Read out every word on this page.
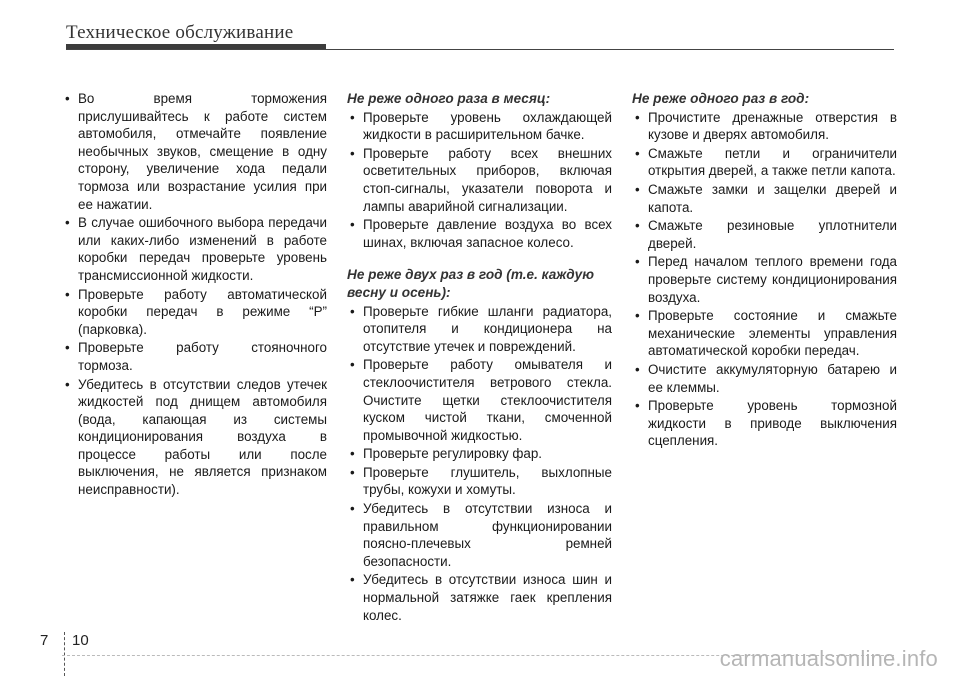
Техническое обслуживание
• Во время торможения прислушивайтесь к работе систем автомобиля, отмечайте появление необычных звуков, смещение в одну сторону, увеличение хода педали тормоза или возрастание усилия при ее нажатии.
• В случае ошибочного выбора передачи или каких-либо изменений в работе коробки передач проверьте уровень трансмиссионной жидкости.
• Проверьте работу автоматической коробки передач в режиме “P” (парковка).
• Проверьте работу стояночного тормоза.
• Убедитесь в отсутствии следов утечек жидкостей под днищем автомобиля (вода, капающая из системы кондиционирования воздуха в процессе работы или после выключения, не является признаком неисправности).
Не реже одного раза в месяц:
• Проверьте уровень охлаждающей жидкости в расширительном бачке.
• Проверьте работу всех внешних осветительных приборов, включая стоп-сигналы, указатели поворота и лампы аварийной сигнализации.
• Проверьте давление воздуха во всех шинах, включая запасное колесо.
Не реже двух раз в год (т.е. каждую весну и осень):
• Проверьте гибкие шланги радиатора, отопителя и кондиционера на отсутствие утечек и повреждений.
• Проверьте работу омывателя и стеклоочистителя ветрового стекла. Очистите щетки стеклоочистителя куском чистой ткани, смоченной промывочной жидкостью.
• Проверьте регулировку фар.
• Проверьте глушитель, выхлопные трубы, кожухи и хомуты.
• Убедитесь в отсутствии износа и правильном функционировании поясно-плечевых ремней безопасности.
• Убедитесь в отсутствии износа шин и нормальной затяжке гаек крепления колес.
Не реже одного раз в год:
• Прочистите дренажные отверстия в кузове и дверях автомобиля.
• Смажьте петли и ограничители открытия дверей, а также петли капота.
• Смажьте замки и защелки дверей и капота.
• Смажьте резиновые уплотнители дверей.
• Перед началом теплого времени года проверьте систему кондиционирования воздуха.
• Проверьте состояние и смажьте механические элементы управления автоматической коробки передач.
• Очистите аккумуляторную батарею и ее клеммы.
• Проверьте уровень тормозной жидкости в приводе выключения сцепления.
7 10
carmanualsonline.info
